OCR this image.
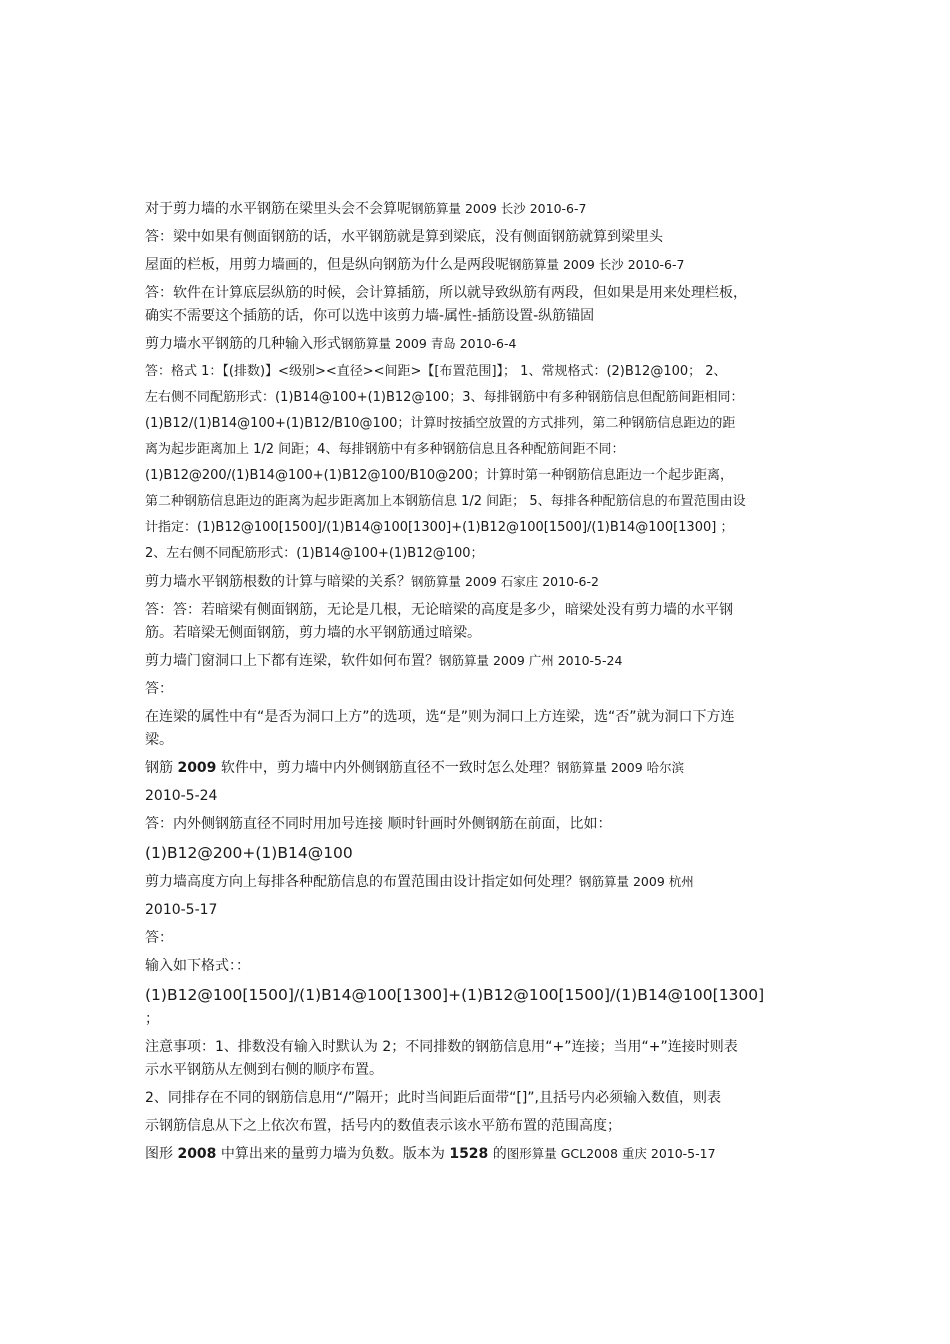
对于剪力墙的水平钢筋在梁里头会不会算呢钢筋算量 2009 长沙 2010-6-7
答：梁中如果有侧面钢筋的话，水平钢筋就是算到梁底，没有侧面钢筋就算到梁里头
屋面的栏板，用剪力墙画的，但是纵向钢筋为什么是两段呢钢筋算量 2009 长沙 2010-6-7
答：软件在计算底层纵筋的时候，会计算插筋，所以就导致纵筋有两段，但如果是用来处理栏板，
确实不需要这个插筋的话，你可以选中该剪力墙-属性-插筋设置-纵筋锚固
剪力墙水平钢筋的几种输入形式钢筋算量 2009 青岛 2010-6-4
答：格式 1：【(排数)】<级别><直径><间距>【[布置范围]】； 1、常规格式：(2)B12@100； 2、
左右侧不同配筋形式：(1)B14@100+(1)B12@100；3、每排钢筋中有多种钢筋信息但配筋间距相同：
(1)B12/(1)B14@100+(1)B12/B10@100；计算时按插空放置的方式排列，第二种钢筋信息距边的距
离为起步距离加上 1/2 间距；4、每排钢筋中有多种钢筋信息且各种配筋间距不同：
(1)B12@200/(1)B14@100+(1)B12@100/B10@200；计算时第一种钢筋信息距边一个起步距离，
第二种钢筋信息距边的距离为起步距离加上本钢筋信息 1/2 间距； 5、每排各种配筋信息的布置范围由设
计指定：(1)B12@100[1500]/(1)B14@100[1300]+(1)B12@100[1500]/(1)B14@100[1300] ；
2、左右侧不同配筋形式：(1)B14@100+(1)B12@100；
剪力墙水平钢筋根数的计算与暗梁的关系？钢筋算量 2009 石家庄 2010-6-2
答：答：若暗梁有侧面钢筋，无论是几根，无论暗梁的高度是多少，暗梁处没有剪力墙的水平钢
筋。若暗梁无侧面钢筋，剪力墙的水平钢筋通过暗梁。
剪力墙门窗洞口上下都有连梁，软件如何布置？钢筋算量 2009 广州 2010-5-24
答：
在连梁的属性中有“是否为洞口上方”的选项，选“是”则为洞口上方连梁，选“否”就为洞口下方连
梁。
钢筋 2009 软件中，剪力墙中内外侧钢筋直径不一致时怎么处理？钢筋算量 2009 哈尔滨
2010-5-24
答：内外侧钢筋直径不同时用加号连接 顺时针画时外侧钢筋在前面，比如：
(1)B12@200+(1)B14@100
剪力墙高度方向上每排各种配筋信息的布置范围由设计指定如何处理？钢筋算量 2009 杭州
2010-5-17
答：
输入如下格式：：
(1)B12@100[1500]/(1)B14@100[1300]+(1)B12@100[1500]/(1)B14@100[1300]
；
注意事项：1、排数没有输入时默认为 2；不同排数的钢筋信息用“+”连接；当用“+”连接时则表
示水平钢筋从左侧到右侧的顺序布置。
2、同排存在不同的钢筋信息用“/”隔开；此时当间距后面带“[]”,且括号内必须输入数值，则表
示钢筋信息从下之上依次布置，括号内的数值表示该水平筋布置的范围高度；
图形 2008 中算出来的量剪力墙为负数。版本为 1528 的图形算量 GCL2008 重庆 2010-5-17
